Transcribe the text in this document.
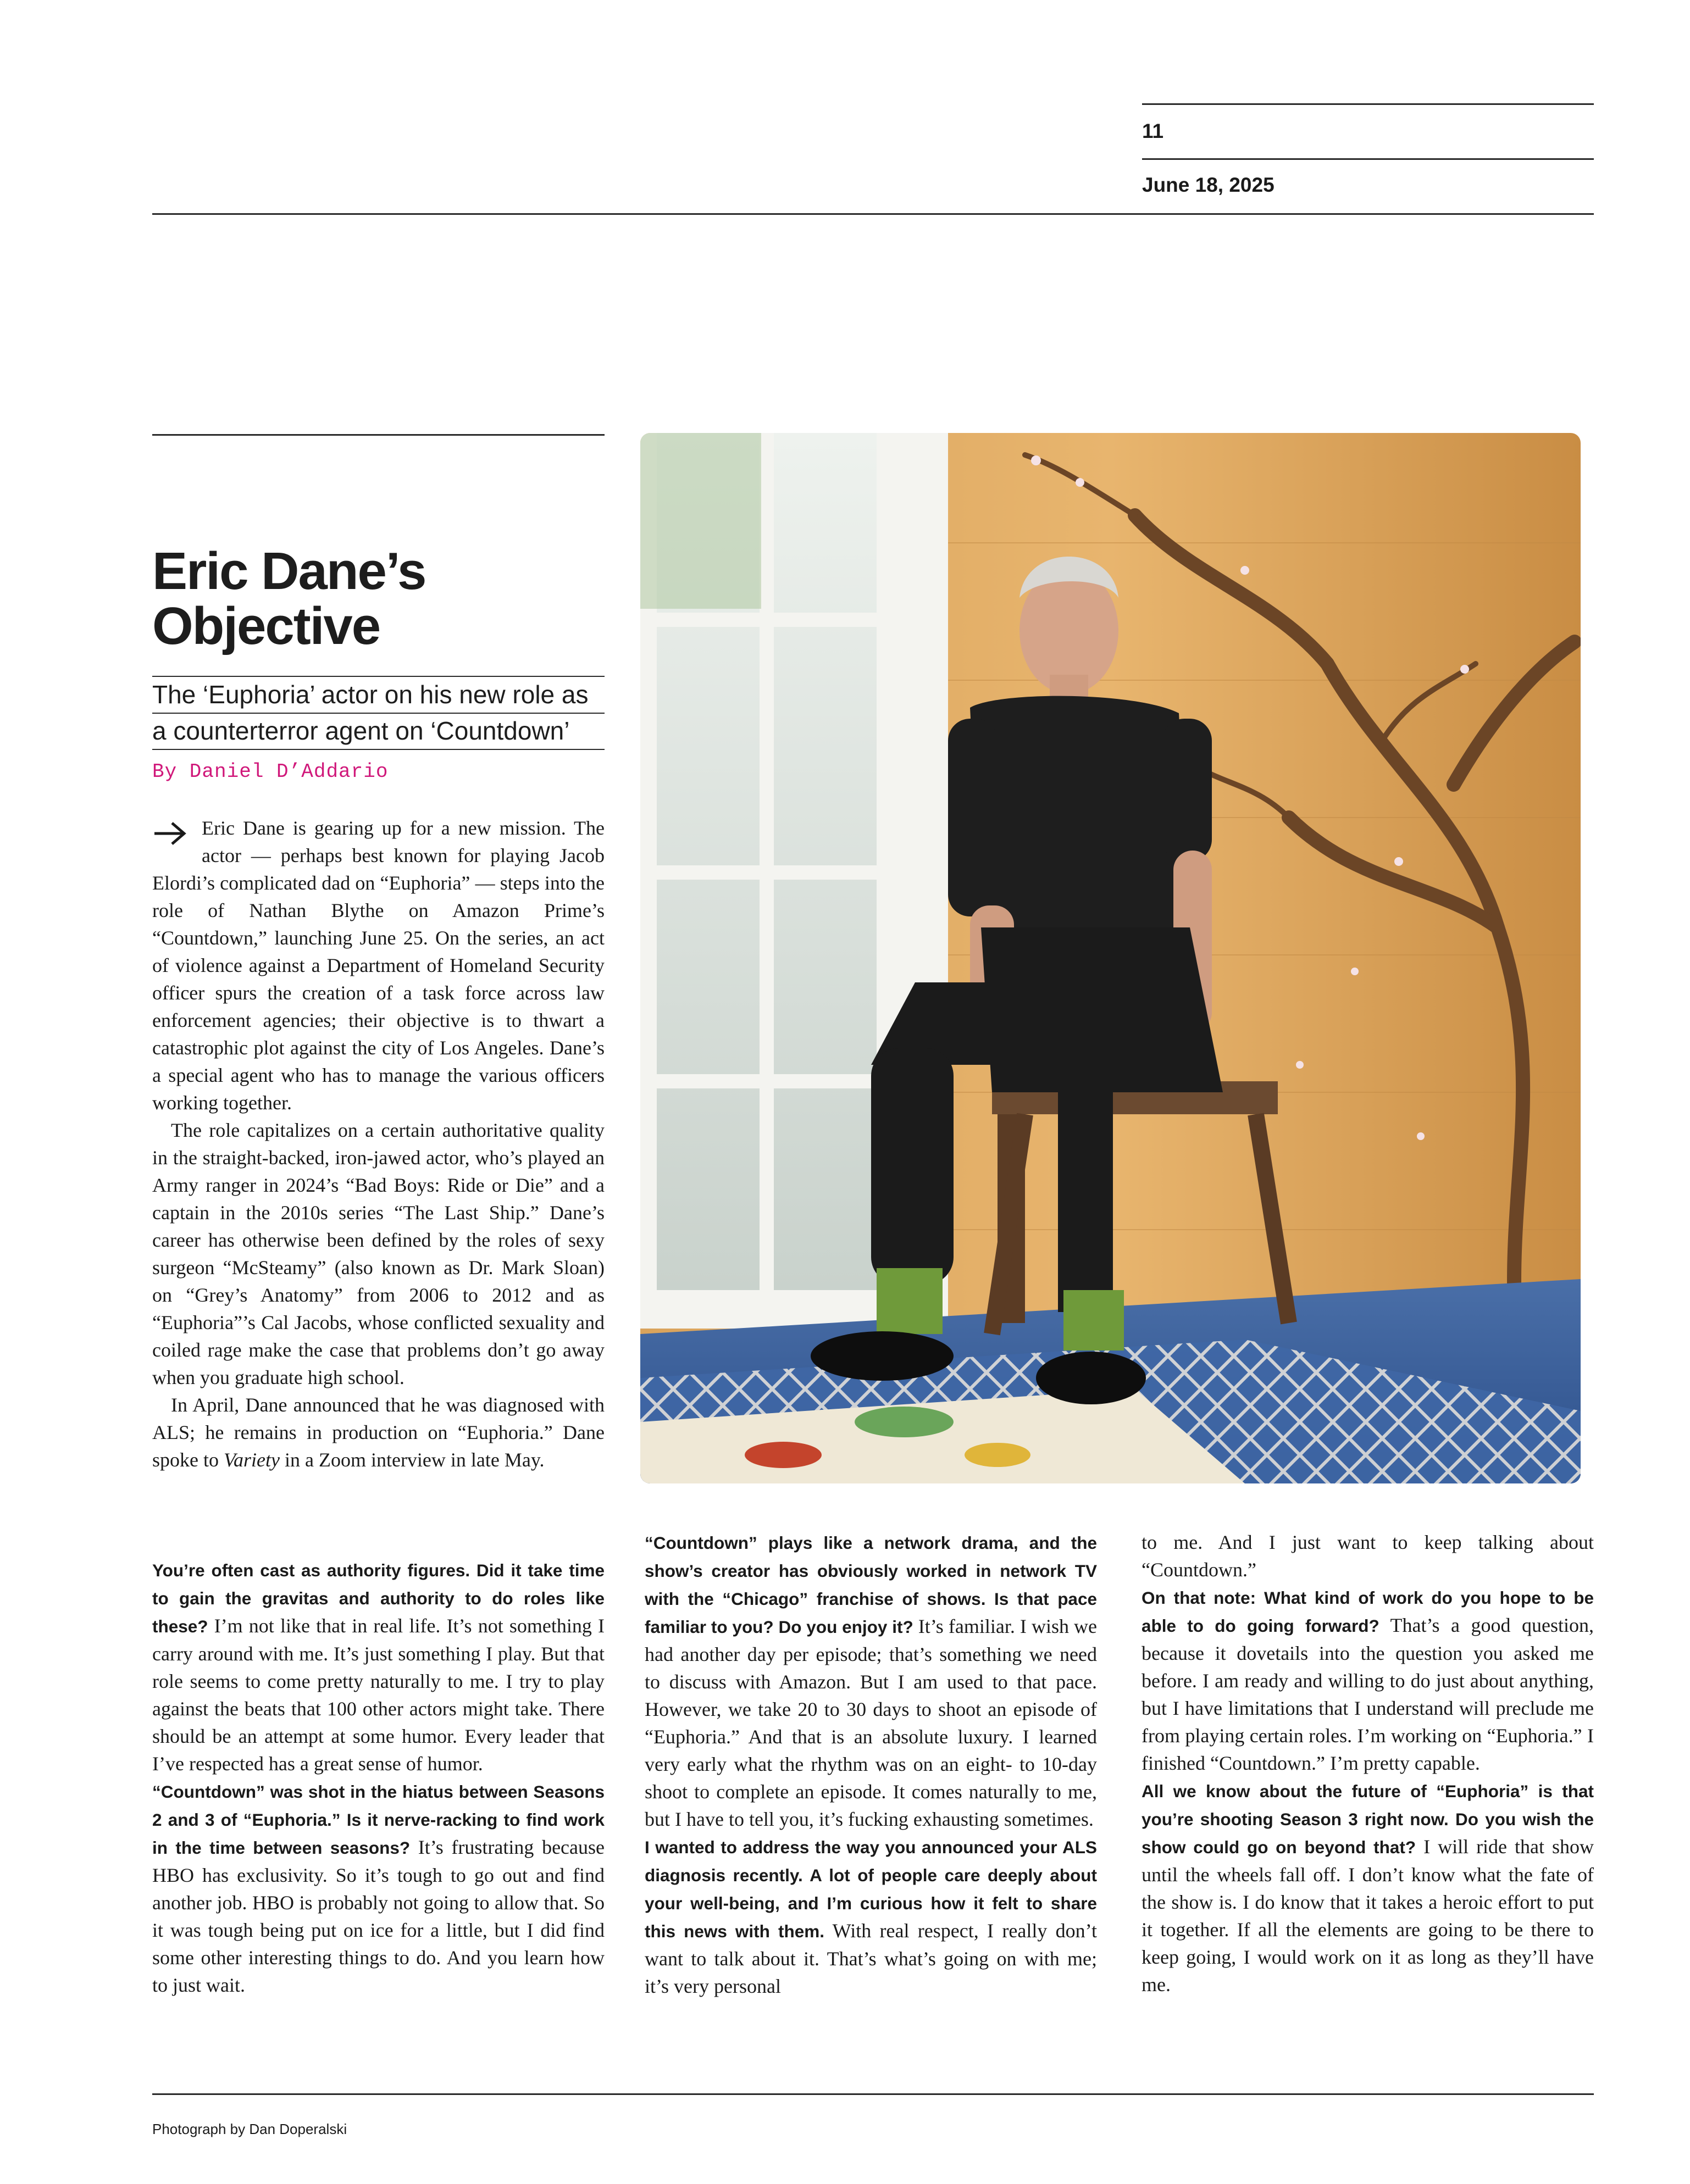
11
June 18, 2025
Eric Dane’s
Objective
The ‘Euphoria’ actor on his new role as
a counterterror agent on ‘Countdown’
By Daniel D’Addario

Eric Dane is gearing up for a new mission. The actor — perhaps best known for playing Jacob Elordi’s complicated dad on “Euphoria” — steps into the role of Nathan Blythe on Amazon Prime’s “Countdown,” launching June 25. On the series, an act of violence against a Department of Homeland Security officer spurs the creation of a task force across law enforcement agencies; their objective is to thwart a catastrophic plot against the city of Los Angeles. Dane’s a special agent who has to manage the various officers working together.

The role capitalizes on a certain authoritative quality in the straight-backed, iron-jawed actor, who’s played an Army ranger in 2024’s “Bad Boys: Ride or Die” and a captain in the 2010s series “The Last Ship.” Dane’s career has otherwise been defined by the roles of sexy surgeon “McSteamy” (also known as Dr. Mark Sloan) on “Grey’s Anatomy” from 2006 to 2012 and as “Euphoria”’s Cal Jacobs, whose conflicted sexuality and coiled rage make the case that problems don’t go away when you graduate high school.

In April, Dane announced that he was diagnosed with ALS; he remains in production on “Euphoria.” Dane spoke to Variety in a Zoom interview in late May.

You’re often cast as authority figures. Did it take time to gain the gravitas and authority to do roles like these? I’m not like that in real life. It’s not something I carry around with me. It’s just something I play. But that role seems to come pretty naturally to me. I try to play against the beats that 100 other actors might take. There should be an attempt at some humor. Every leader that I’ve respected has a great sense of humor.

“Countdown” was shot in the hiatus between Seasons 2 and 3 of “Euphoria.” Is it nerve-racking to find work in the time between seasons? It’s frustrating because HBO has exclusivity. So it’s tough to go out and find another job. HBO is probably not going to allow that. So it was tough being put on ice for a little, but I did find some other interesting things to do. And you learn how to just wait.

“Countdown” plays like a network drama, and the show’s creator has obviously worked in network TV with the “Chicago” franchise of shows. Is that pace familiar to you? Do you enjoy it? It’s familiar. I wish we had another day per episode; that’s something we need to discuss with Amazon. But I am used to that pace. However, we take 20 to 30 days to shoot an episode of “Euphoria.” And that is an absolute luxury. I learned very early what the rhythm was on an eight- to 10-day shoot to complete an episode. It comes naturally to me, but I have to tell you, it’s fucking exhausting sometimes.

I wanted to address the way you announced your ALS diagnosis recently. A lot of people care deeply about your well-being, and I’m curious how it felt to share this news with them. With real respect, I really don’t want to talk about it. That’s what’s going on with me; it’s very personal

to me. And I just want to keep talking about “Countdown.”

On that note: What kind of work do you hope to be able to do going forward? That’s a good question, because it dovetails into the question you asked me before. I am ready and willing to do just about anything, but I have limitations that I understand will preclude me from playing certain roles. I’m working on “Euphoria.” I finished “Countdown.” I’m pretty capable.

All we know about the future of “Euphoria” is that you’re shooting Season 3 right now. Do you wish the show could go on beyond that? I will ride that show until the wheels fall off. I don’t know what the fate of the show is. I do know that it takes a heroic effort to put it together. If all the elements are going to be there to keep going, I would work on it as long as they’ll have me.

Photograph by Dan Doperalski
